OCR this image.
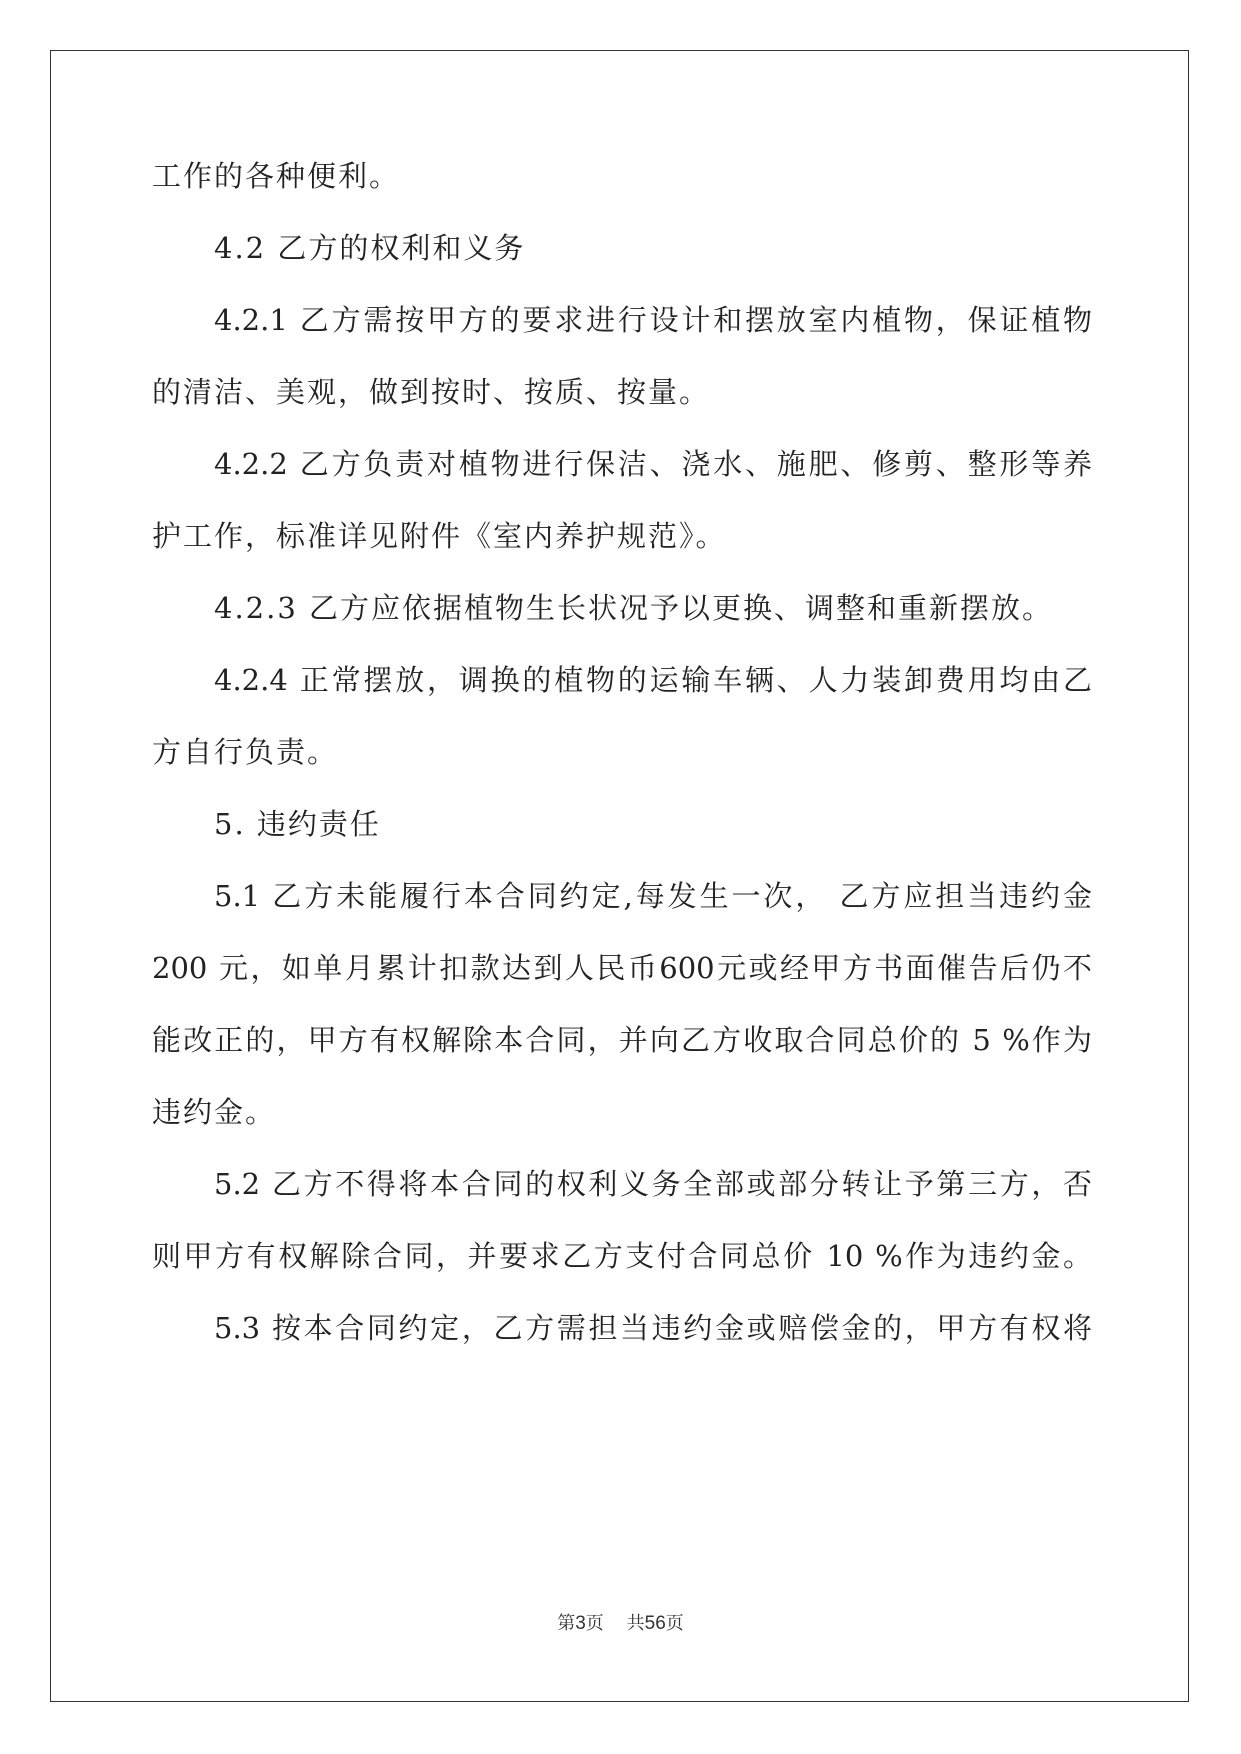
工作的各种便利。
4.2 乙方的权利和义务
4.2.1 乙方需按甲方的要求进行设计和摆放室内植物，保证植物
的清洁、美观，做到按时、按质、按量。
4.2.2 乙方负责对植物进行保洁、浇水、施肥、修剪、整形等养
护工作，标准详见附件《室内养护规范》。
4.2.3 乙方应依据植物生长状况予以更换、调整和重新摆放。
4.2.4 正常摆放，调换的植物的运输车辆、人力装卸费用均由乙
方自行负责。
5. 违约责任
5.1 乙方未能履行本合同约定,每发生一次， 乙方应担当违约金
200 元，如单月累计扣款达到人民币600元或经甲方书面催告后仍不
能改正的，甲方有权解除本合同，并向乙方收取合同总价的 5 %作为
违约金。
5.2 乙方不得将本合同的权利义务全部或部分转让予第三方，否
则甲方有权解除合同，并要求乙方支付合同总价 10 %作为违约金。
5.3 按本合同约定，乙方需担当违约金或赔偿金的，甲方有权将
第3页 共56页
